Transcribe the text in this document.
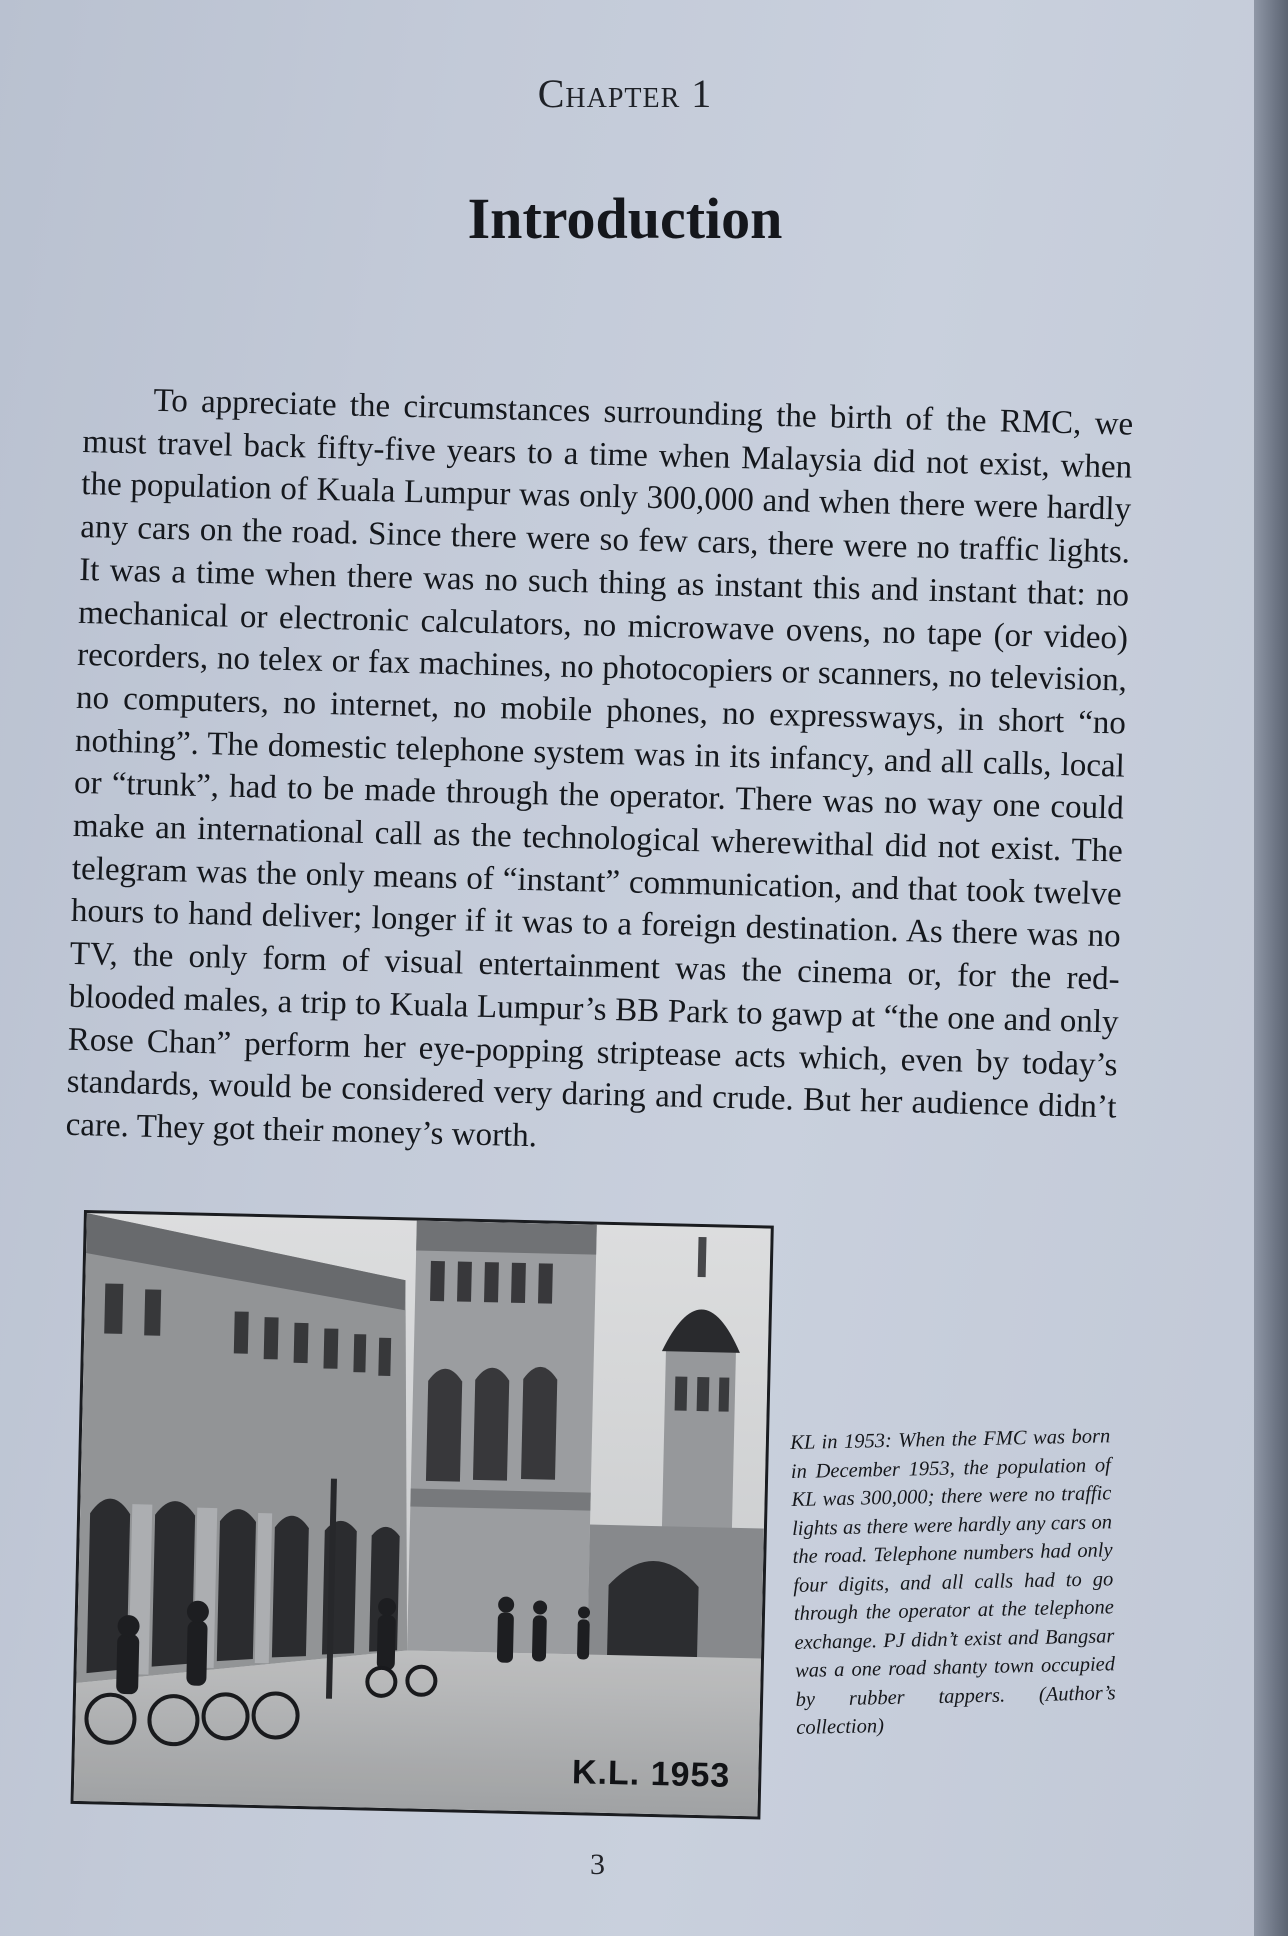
Chapter 1
Introduction

To appreciate the circumstances surrounding the birth of the RMC, we must travel back fifty-five years to a time when Malaysia did not exist, when the population of Kuala Lumpur was only 300,000 and when there were hardly any cars on the road. Since there were so few cars, there were no traffic lights. It was a time when there was no such thing as instant this and instant that: no mechanical or electronic calculators, no microwave ovens, no tape (or video) recorders, no telex or fax machines, no photocopiers or scanners, no television, no computers, no internet, no mobile phones, no expressways, in short “no nothing”. The domestic telephone system was in its infancy, and all calls, local or “trunk”, had to be made through the operator. There was no way one could make an international call as the technological wherewithal did not exist. The telegram was the only means of “instant” communication, and that took twelve hours to hand deliver; longer if it was to a foreign destination. As there was no TV, the only form of visual entertainment was the cinema or, for the red-blooded males, a trip to Kuala Lumpur’s BB Park to gawp at “the one and only Rose Chan” perform her eye-popping striptease acts which, even by today’s standards, would be considered very daring and crude. But her audience didn’t care. They got their money’s worth.

K.L. 1953

KL in 1953: When the FMC was born in December 1953, the population of KL was 300,000; there were no traffic lights as there were hardly any cars on the road. Telephone numbers had only four digits, and all calls had to go through the operator at the telephone exchange. PJ didn’t exist and Bangsar was a one road shanty town occupied by rubber tappers. (Author’s collection)

3
